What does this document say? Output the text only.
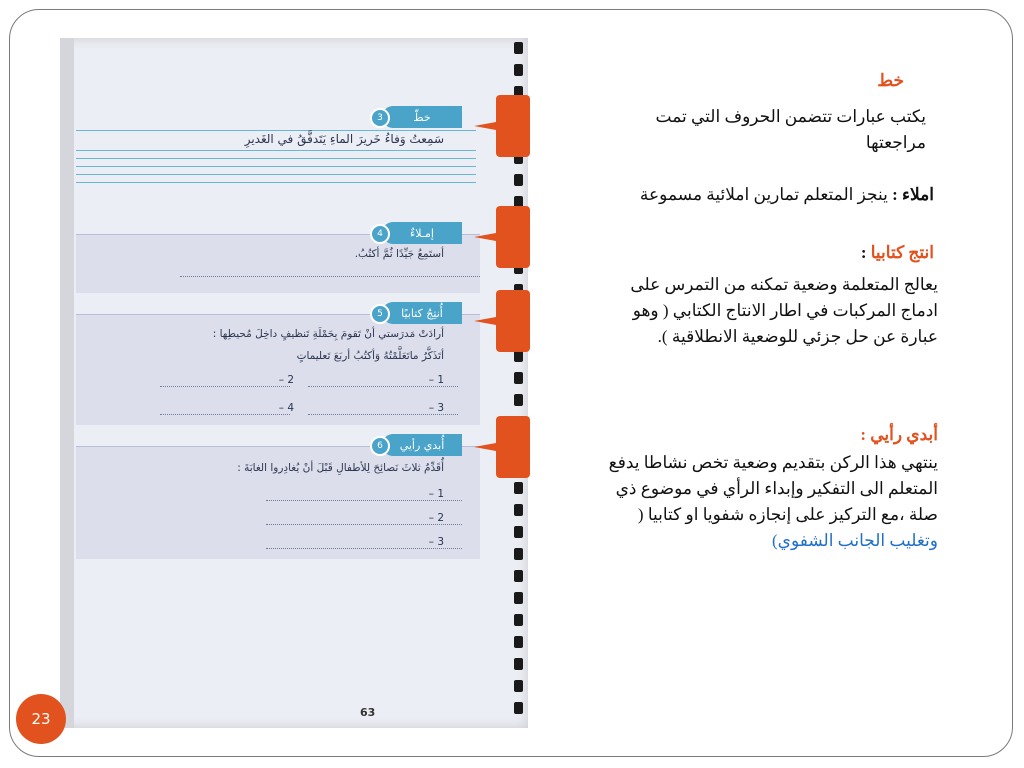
خطّ
3
سَمِعتُ وَفاءُ خَريرَ الماءِ يَتَدفَّقُ في الغَديرِ
إمـلاءٌ
4
أستَمِعُ جَيِّدًا ثُمَّ أكتُبُ.
أُنتِجُ كتابيًا
5
أرادَتْ مَدرَستي أنْ تَقومَ بِحَمْلَةِ تَنظيفٍ داخِلَ مُحيطِها :
أتَذَكَّرُ ماتَعَلَّمْتُهُ وَأكتُبُ أربَعَ تَعليماتٍ
1 –
2 –
3 –
4 –
أُبدي رأيي
6
أُقَدِّمُ ثلاثَ نَصائِحَ لِلأطفالِ قَبْلَ أنْ يُغادِروا الغابَةَ :
1 –
2 –
3 –
63
خط
يكتب عبارات تتضمن الحروف التي تمت مراجعتها
املاء : ينجز المتعلم تمارين املائية مسموعة
انتج كتابيا :
يعالج المتعلمة وضعية تمكنه من التمرس على ادماج المركبات في اطار الانتاج الكتابي ( وهو عبارة عن حل جزئي للوضعية الانطلاقية ).
أبدي رأيي :
ينتهي هذا الركن بتقديم وضعية تخص نشاطا يدفع المتعلم الى التفكير وإبداء الرأي في موضوع ذي صلة ،مع التركيز على إنجازه شفويا او كتابيا ( وتغليب الجانب الشفوي)
23
